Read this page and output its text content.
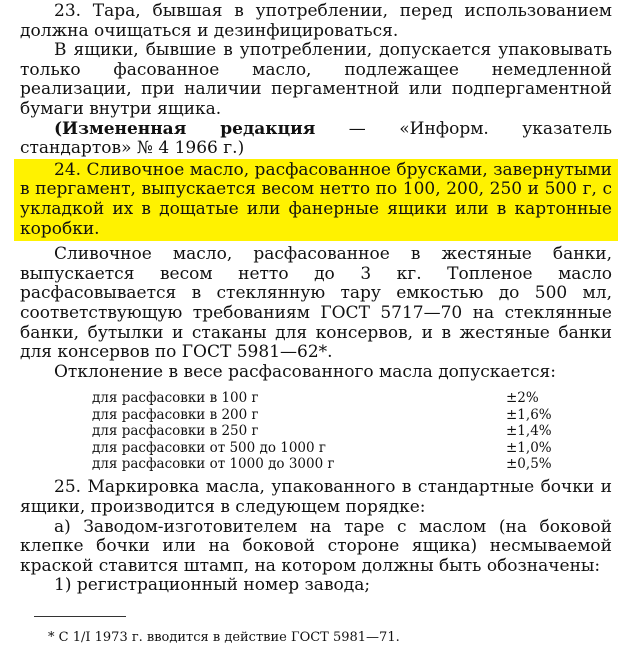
23. Тара, бывшая в употреблении, перед использованием должна очищаться и дезинфицироваться.

В ящики, бывшие в употреблении, допускается упаковывать только фасованное масло, подлежащее немедленной реализации, при наличии пергаментной или подпергаментной бумаги внутри ящика.

(Измененная редакция — «Информ. указатель стандартов» № 4 1966 г.)

24. Сливочное масло, расфасованное брусками, завернутыми в пергамент, выпускается весом нетто по 100, 200, 250 и 500 г, с укладкой их в дощатые или фанерные ящики или в картонные коробки.

Сливочное масло, расфасованное в жестяные банки, выпускается весом нетто до 3 кг. Топленое масло расфасовывается в стеклянную тару емкостью до 500 мл, соответствующую требованиям ГОСТ 5717—70 на стеклянные банки, бутылки и стаканы для консервов, и в жестяные банки для консервов по ГОСТ 5981—62*.

Отклонение в весе расфасованного масла допускается:

для расфасовки в 100 г	±2%
для расфасовки в 200 г	±1,6%
для расфасовки в 250 г	±1,4%
для расфасовки от 500 до 1000 г	±1,0%
для расфасовки от 1000 до 3000 г	±0,5%

25. Маркировка масла, упакованного в стандартные бочки и ящики, производится в следующем порядке:

а) Заводом-изготовителем на таре с маслом (на боковой клепке бочки или на боковой стороне ящика) несмываемой краской ставится штамп, на котором должны быть обозначены:

1) регистрационный номер завода;

* С 1/I 1973 г. вводится в действие ГОСТ 5981—71.
